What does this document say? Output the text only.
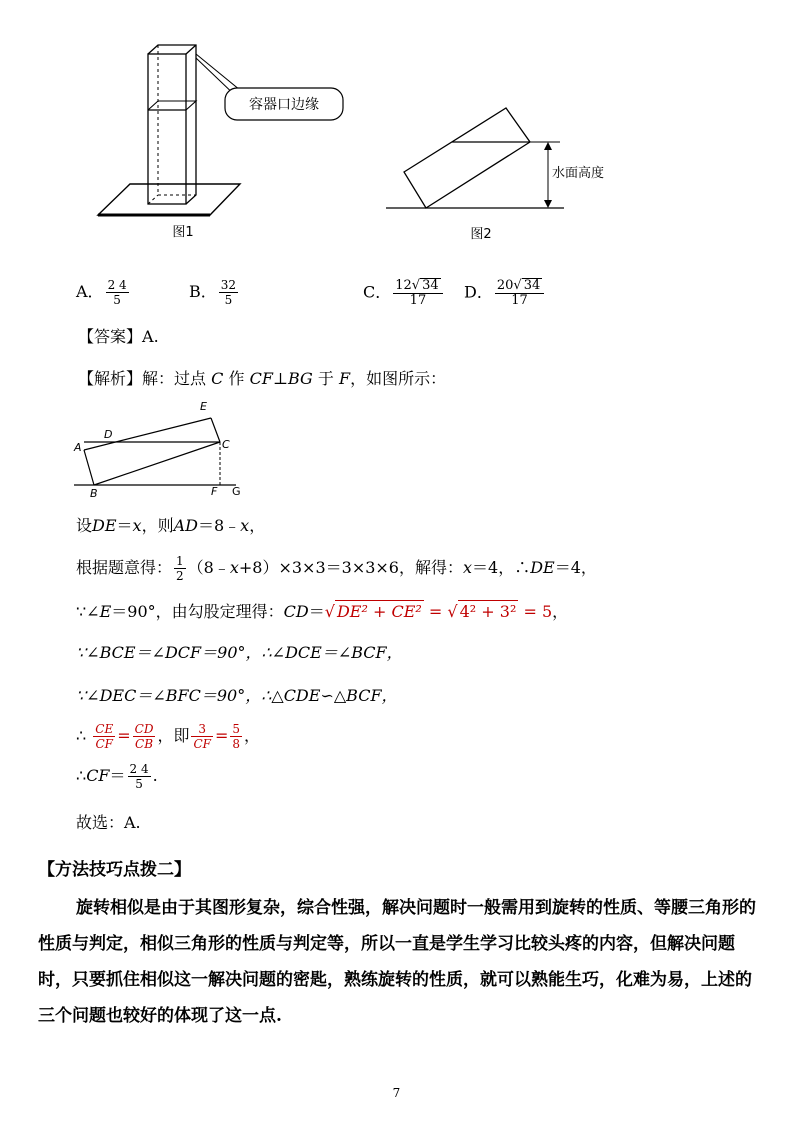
容器口边缘
图1
水面高度
图2
A． $\frac{2 4}{5}$	B． $\frac{32}{5}$	C． $\frac{12√ 34}{17}$ D． $\frac{20√ 34}{17}$
【答案】A.
【解析】解：过点 C 作 CF⊥BG 于 F，如图所示：
E
D
A	C
B	F G
设DE＝x，则AD＝8﹣x，
根据题意得： $\frac{1}{2}$ （8﹣x+8）×3×3＝3×3×6，解得：x＝4，∴DE＝4，
∵∠E＝90°，由勾股定理得：CD＝√ DE² + CE² = √ 4² + 3² = 5，
∵∠BCE＝∠DCF＝90°，∴∠DCE＝∠BCF，
∵∠DEC＝∠BFC＝90°，∴△CDE∽△BCF，
∴ $\frac{CE}{CF} = \frac{CD}{CB}$ ，即 $\frac{3}{CF} = \frac{5}{8}$ ，
∴CF＝ $\frac{2 4}{5}$ .
故选：A.
【方法技巧点拨二】
旋转相似是由于其图形复杂，综合性强，解决问题时一般需用到旋转的性质、等腰三角形的性质与判定，相似三角形的性质与判定等，所以一直是学生学习比较头疼的内容，但解决问题时，只要抓住相似这一解决问题的密匙，熟练旋转的性质，就可以熟能生巧，化难为易，上述的三个问题也较好的体现了这一点.
7
